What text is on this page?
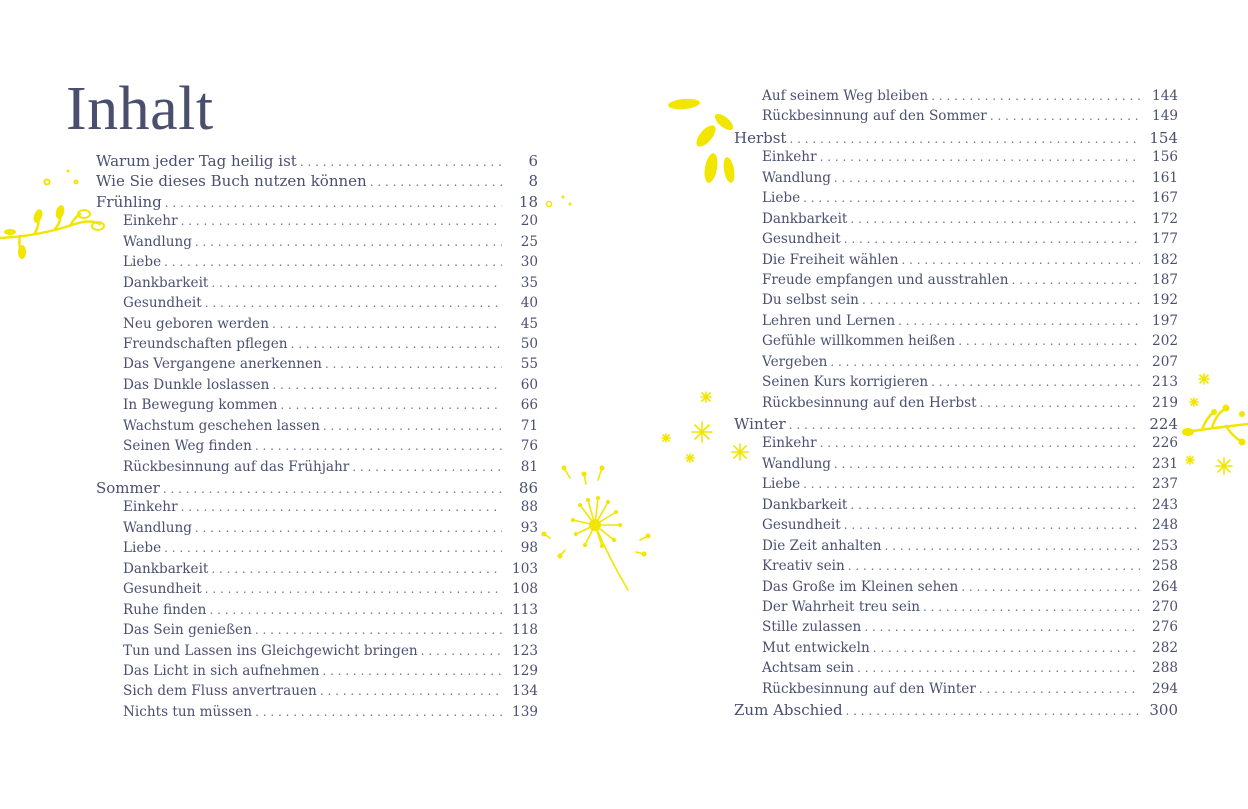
Inhalt
Warum jeder Tag heilig ist . . .	6
Wie Sie dieses Buch nutzen können . . .	8
Frühling . . .	18
Einkehr . . .	20
Wandlung . . .	25
Liebe . . .	30
Dankbarkeit . . .	35
Gesundheit . . .	40
Neu geboren werden . . .	45
Freundschaften pflegen . . .	50
Das Vergangene anerkennen . . .	55
Das Dunkle loslassen . . .	60
In Bewegung kommen . . .	66
Wachstum geschehen lassen . . .	71
Seinen Weg finden . . .	76
Rückbesinnung auf das Frühjahr . . .	81
Sommer . . .	86
Einkehr . . .	88
Wandlung . . .	93
Liebe . . .	98
Dankbarkeit . . .	103
Gesundheit . . .	108
Ruhe finden . . .	113
Das Sein genießen . . .	118
Tun und Lassen ins Gleichgewicht bringen . . .	123
Das Licht in sich aufnehmen . . .	129
Sich dem Fluss anvertrauen . . .	134
Nichts tun müssen . . .	139
Auf seinem Weg bleiben . . .	144
Rückbesinnung auf den Sommer . . .	149
Herbst . . .	154
Einkehr . . .	156
Wandlung . . .	161
Liebe . . .	167
Dankbarkeit . . .	172
Gesundheit . . .	177
Die Freiheit wählen . . .	182
Freude empfangen und ausstrahlen . . .	187
Du selbst sein . . .	192
Lehren und Lernen . . .	197
Gefühle willkommen heißen . . .	202
Vergeben . . .	207
Seinen Kurs korrigieren . . .	213
Rückbesinnung auf den Herbst . . .	219
Winter . . .	224
Einkehr . . .	226
Wandlung . . .	231
Liebe . . .	237
Dankbarkeit . . .	243
Gesundheit . . .	248
Die Zeit anhalten . . .	253
Kreativ sein . . .	258
Das Große im Kleinen sehen . . .	264
Der Wahrheit treu sein . . .	270
Stille zulassen . . .	276
Mut entwickeln . . .	282
Achtsam sein . . .	288
Rückbesinnung auf den Winter . . .	294
Zum Abschied . . .	300
